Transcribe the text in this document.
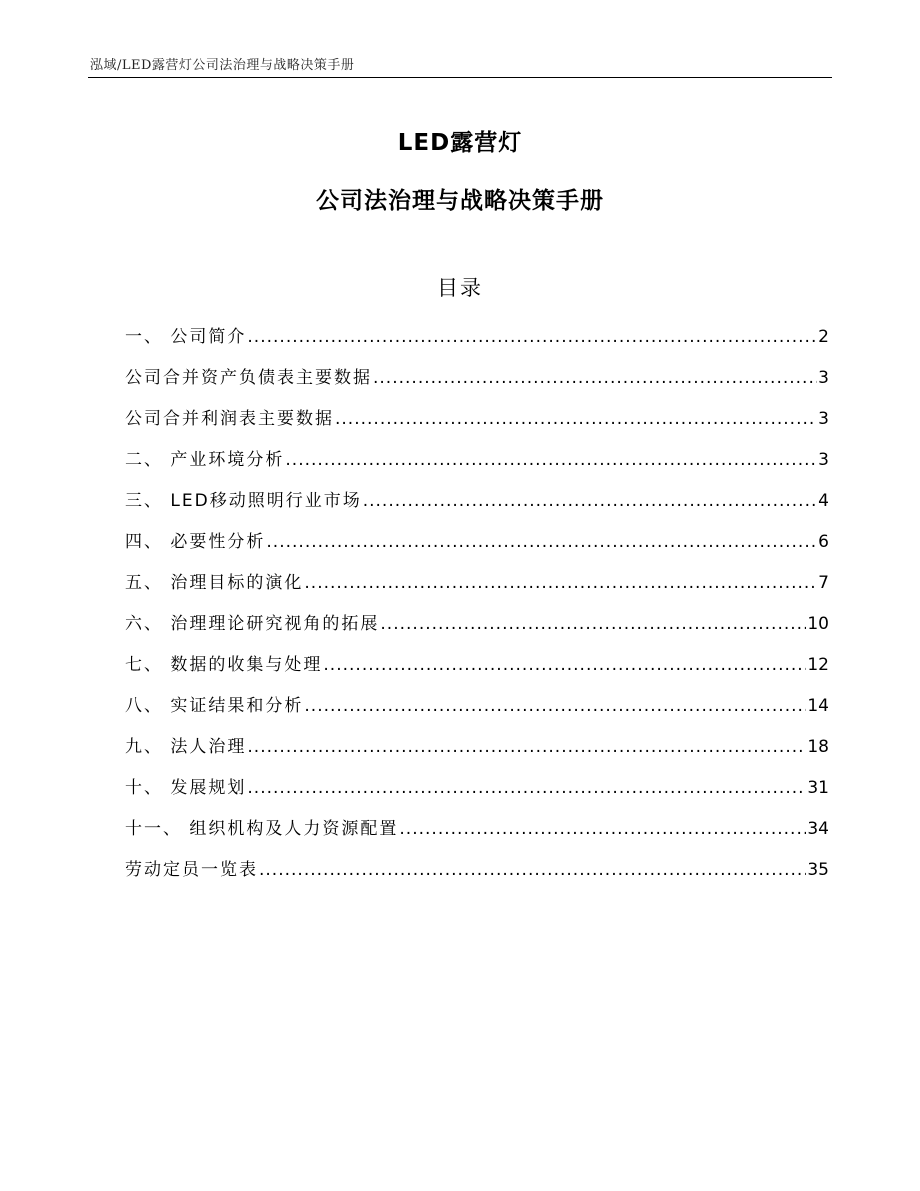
泓域/LED露营灯公司法治理与战略决策手册
LED露营灯
公司法治理与战略决策手册
目录
一、 公司简介 .....	2
公司合并资产负债表主要数据 .....	3
公司合并利润表主要数据 .....	3
二、 产业环境分析 .....	3
三、 LED移动照明行业市场 .....	4
四、 必要性分析 .....	6
五、 治理目标的演化 .....	7
六、 治理理论研究视角的拓展 .....	10
七、 数据的收集与处理 .....	12
八、 实证结果和分析 .....	14
九、 法人治理 .....	18
十、 发展规划 .....	31
十一、 组织机构及人力资源配置 .....	34
劳动定员一览表 .....	35
